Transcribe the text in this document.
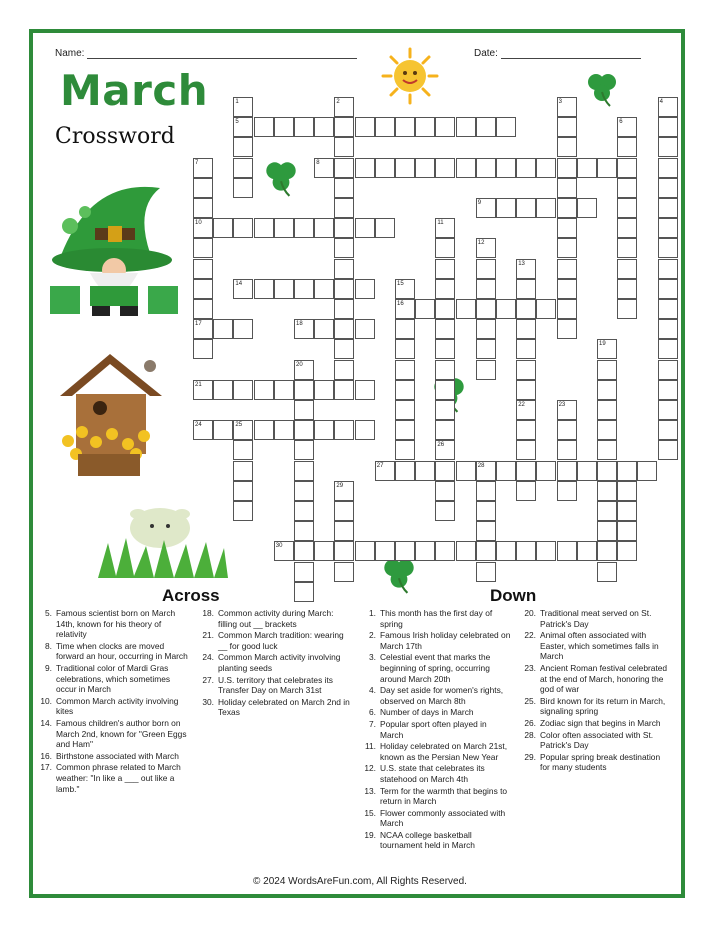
Name:	Date:
March
Crossword
1	2	3	4
5	6
7	8
9
10	11
12
13
14	15
16
17	18
19
20
21
22	23
24	25
26
27	28
29
30
Across	Down
5. Famous scientist born on March 14th, known for his theory of relativity
8. Time when clocks are moved forward an hour, occurring in March
9. Traditional color of Mardi Gras celebrations, which sometimes occur in March
10. Common March activity involving kites
14. Famous children's author born on March 2nd, known for "Green Eggs and Ham"
16. Birthstone associated with March
17. Common phrase related to March weather: "In like a ___ out like a lamb."
18. Common activity during March: filling out __ brackets
21. Common March tradition: wearing __ for good luck
24. Common March activity involving planting seeds
27. U.S. territory that celebrates its Transfer Day on March 31st
30. Holiday celebrated on March 2nd in Texas
1. This month has the first day of spring
2. Famous Irish holiday celebrated on March 17th
3. Celestial event that marks the beginning of spring, occurring around March 20th
4. Day set aside for women's rights, observed on March 8th
6. Number of days in March
7. Popular sport often played in March
11. Holiday celebrated on March 21st, known as the Persian New Year
12. U.S. state that celebrates its statehood on March 4th
13. Term for the warmth that begins to return in March
15. Flower commonly associated with March
19. NCAA college basketball tournament held in March
20. Traditional meat served on St. Patrick's Day
22. Animal often associated with Easter, which sometimes falls in March
23. Ancient Roman festival celebrated at the end of March, honoring the god of war
25. Bird known for its return in March, signaling spring
26. Zodiac sign that begins in March
28. Color often associated with St. Patrick's Day
29. Popular spring break destination for many students
© 2024 WordsAreFun.com, All Rights Reserved.
